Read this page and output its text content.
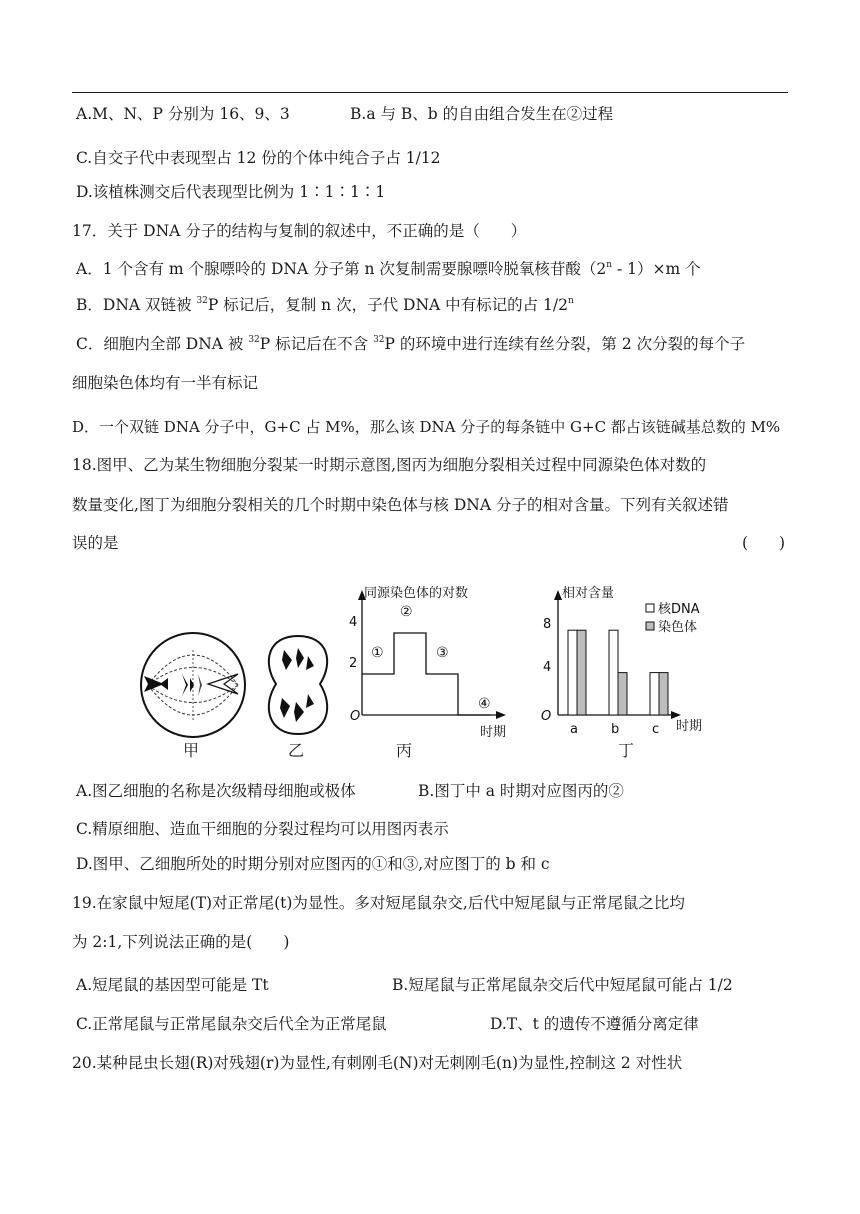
A.M、N、P 分别为 16、9、3	B.a 与 B、b 的自由组合发生在②过程
C.自交子代中表现型占 12 份的个体中纯合子占 1/12
D.该植株测交后代表现型比例为 1∶1∶1∶1
17．关于 DNA 分子的结构与复制的叙述中，不正确的是（　　）
A．1 个含有 m 个腺嘌呤的 DNA 分子第 n 次复制需要腺嘌呤脱氧核苷酸（2$^n$ - 1）×m 个
B．DNA 双链被 $^{32}$P 标记后，复制 n 次，子代 DNA 中有标记的占 1/2$^n$
C．细胞内全部 DNA 被 $^{32}$P 标记后在不含 $^{32}$P 的环境中进行连续有丝分裂，第 2 次分裂的每个子
细胞染色体均有一半有标记
D．一个双链 DNA 分子中，G+C 占 M%，那么该 DNA 分子的每条链中 G+C 都占该链碱基总数的 M%
18.图甲、乙为某生物细胞分裂某一时期示意图,图丙为细胞分裂相关过程中同源染色体对数的
数量变化,图丁为细胞分裂相关的几个时期中染色体与核 DNA 分子的相对含量。下列有关叙述错
误的是	(　　)
甲	乙
同源染色体的对数
O
4
2
①
②
③
④
时期
丙
相对含量
O
8
4
a	b	c 时期
核DNA
染色体
丁
A.图乙细胞的名称是次级精母细胞或极体	B.图丁中 a 时期对应图丙的②
C.精原细胞、造血干细胞的分裂过程均可以用图丙表示
D.图甲、乙细胞所处的时期分别对应图丙的①和③,对应图丁的 b 和 c
19.在家鼠中短尾(T)对正常尾(t)为显性。多对短尾鼠杂交,后代中短尾鼠与正常尾鼠之比均
为 2:1,下列说法正确的是(　　)
A.短尾鼠的基因型可能是 Tt	B.短尾鼠与正常尾鼠杂交后代中短尾鼠可能占 1/2
C.正常尾鼠与正常尾鼠杂交后代全为正常尾鼠	D.T、t 的遗传不遵循分离定律
20.某种昆虫长翅(R)对残翅(r)为显性,有刺刚毛(N)对无刺刚毛(n)为显性,控制这 2 对性状
